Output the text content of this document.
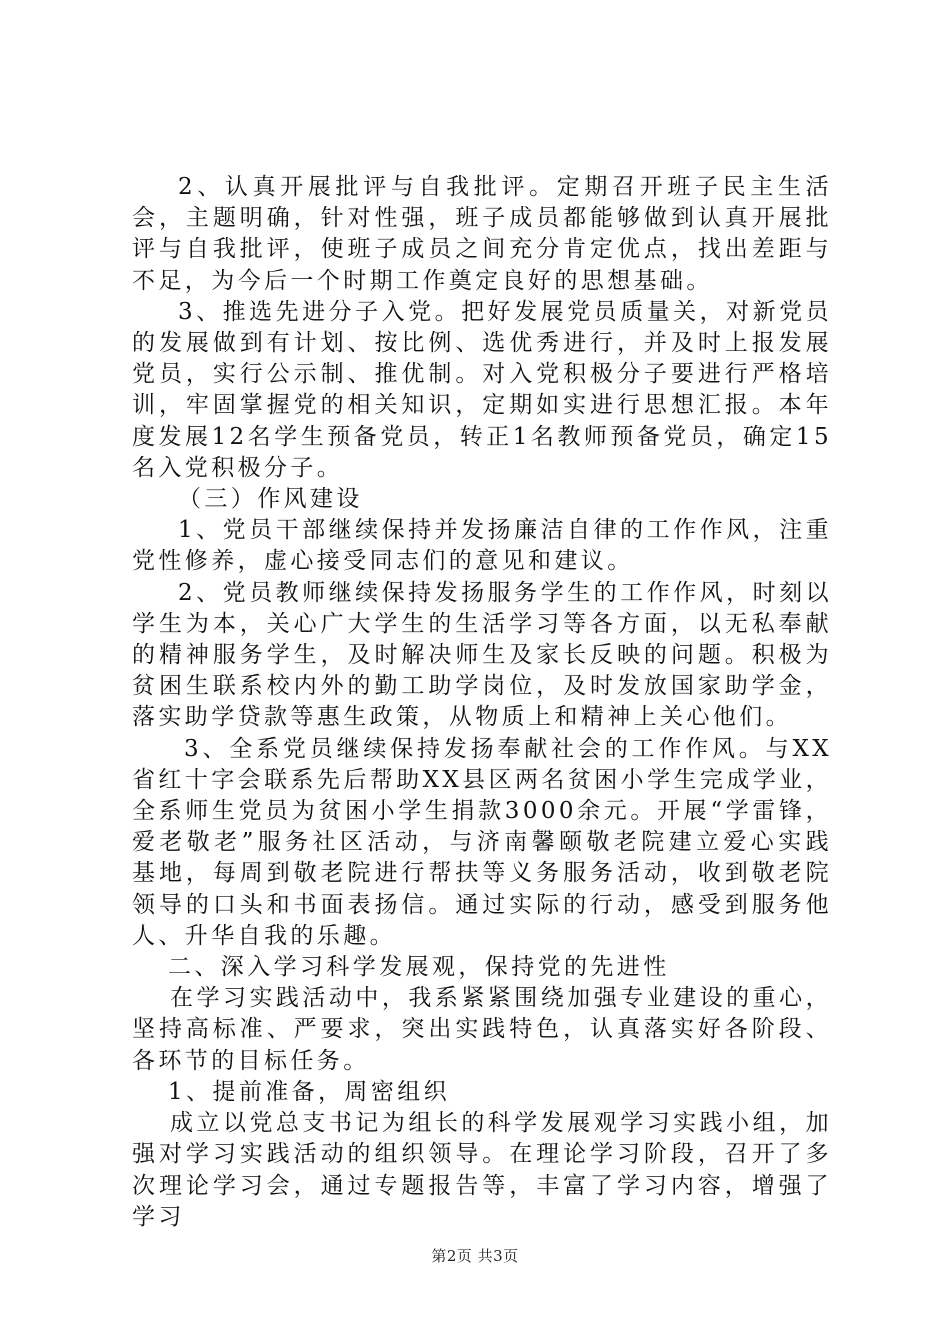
2、认真开展批评与自我批评。定期召开班子民主生活会，主题明确，针对性强，班子成员都能够做到认真开展批评与自我批评，使班子成员之间充分肯定优点，找出差距与不足，为今后一个时期工作奠定良好的思想基础。

3、推选先进分子入党。把好发展党员质量关，对新党员的发展做到有计划、按比例、选优秀进行，并及时上报发展党员，实行公示制、推优制。对入党积极分子要进行严格培训，牢固掌握党的相关知识，定期如实进行思想汇报。本年度发展12名学生预备党员，转正1名教师预备党员，确定15名入党积极分子。

（三）作风建设

1、党员干部继续保持并发扬廉洁自律的工作作风，注重党性修养，虚心接受同志们的意见和建议。

2、党员教师继续保持发扬服务学生的工作作风，时刻以学生为本，关心广大学生的生活学习等各方面，以无私奉献的精神服务学生，及时解决师生及家长反映的问题。积极为贫困生联系校内外的勤工助学岗位，及时发放国家助学金，落实助学贷款等惠生政策，从物质上和精神上关心他们。

3、全系党员继续保持发扬奉献社会的工作作风。与XX省红十字会联系先后帮助XX县区两名贫困小学生完成学业，全系师生党员为贫困小学生捐款3000余元。开展“学雷锋，爱老敬老”服务社区活动，与济南馨颐敬老院建立爱心实践基地，每周到敬老院进行帮扶等义务服务活动，收到敬老院领导的口头和书面表扬信。通过实际的行动，感受到服务他人、升华自我的乐趣。

二、深入学习科学发展观，保持党的先进性

在学习实践活动中，我系紧紧围绕加强专业建设的重心，坚持高标准、严要求，突出实践特色，认真落实好各阶段、各环节的目标任务。

1、提前准备，周密组织

成立以党总支书记为组长的科学发展观学习实践小组，加强对学习实践活动的组织领导。在理论学习阶段，召开了多次理论学习会，通过专题报告等，丰富了学习内容，增强了学习

第2页 共3页
